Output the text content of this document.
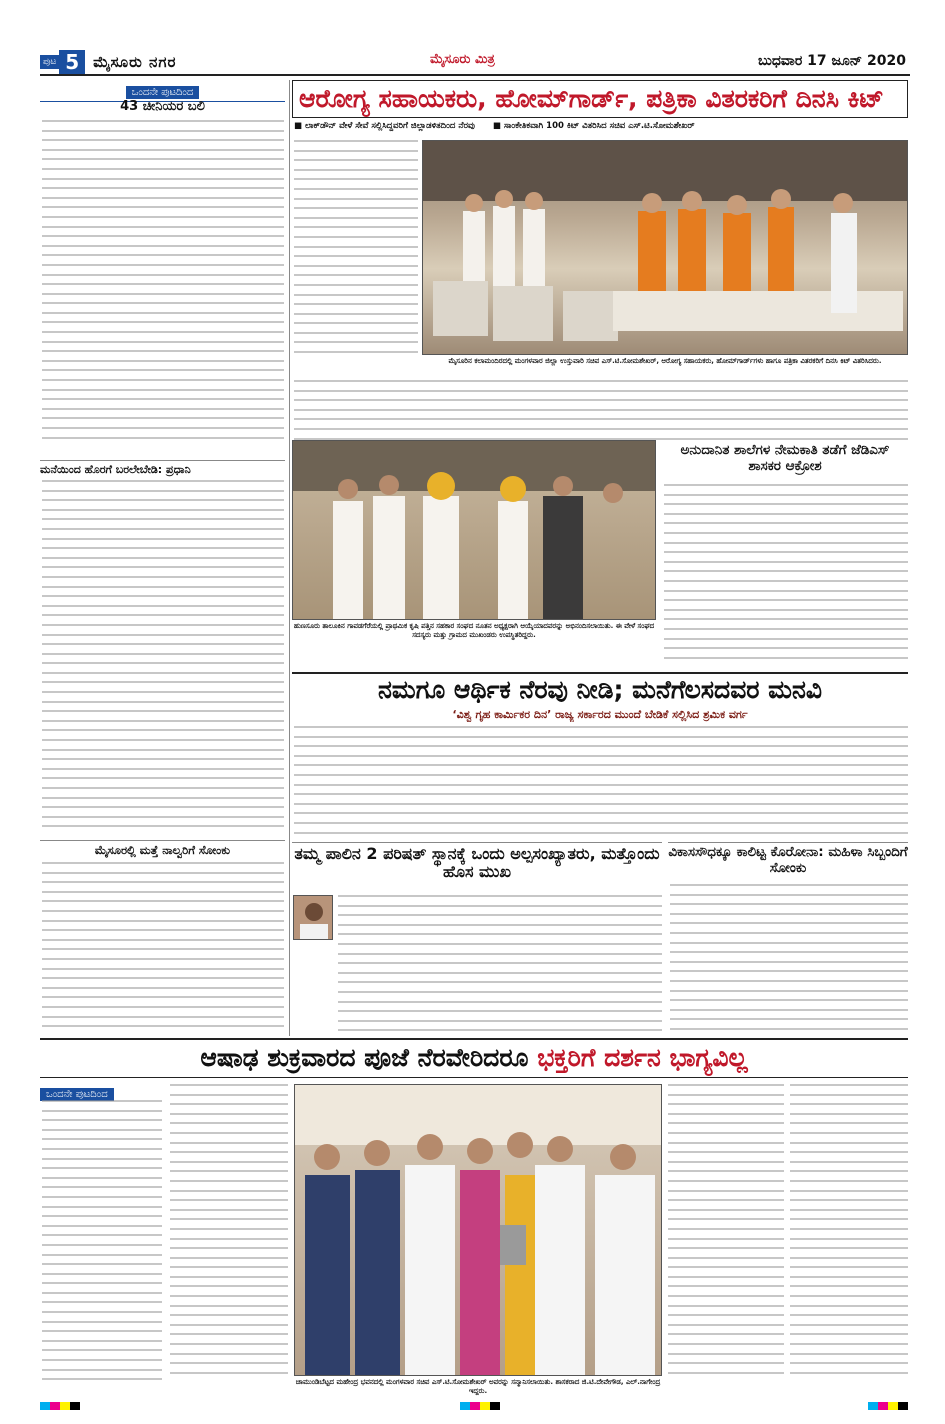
ಪುಟ 5 ಮೈಸೂರು ನಗರ	ಮೈಸೂರು ಮಿತ್ರ	ಬುಧವಾರ 17 ಜೂನ್ 2020
ಒಂದನೇ ಪುಟದಿಂದ
43 ಚೀನಿಯರ ಬಲಿ
ಮನೆಯಿಂದ ಹೊರಗೆ ಬರಲೇಬೇಡಿ: ಪ್ರಧಾನಿ
ಮೈಸೂರಲ್ಲಿ ಮತ್ತೆ ನಾಲ್ವರಿಗೆ ಸೋಂಕು
ಆರೋಗ್ಯ ಸಹಾಯಕರು, ಹೋಮ್‌ಗಾರ್ಡ್, ಪತ್ರಿಕಾ ವಿತರಕರಿಗೆ ದಿನಸಿ ಕಿಟ್
■ ಲಾಕ್‌ಡೌನ್ ವೇಳೆ ಸೇವೆ ಸಲ್ಲಿಸಿದ್ದವರಿಗೆ ಜಿಲ್ಲಾಡಳಿತದಿಂದ ನೆರವು ■ ಸಾಂಕೇತಿಕವಾಗಿ 100 ಕಿಟ್ ವಿತರಿಸಿದ ಸಚಿವ ಎಸ್.ಟಿ.ಸೋಮಶೇಖರ್
ಮೈಸೂರಿನ ಕಲಾಮಂದಿರದಲ್ಲಿ ಮಂಗಳವಾರ ಜಿಲ್ಲಾ ಉಸ್ತುವಾರಿ ಸಚಿವ ಎಸ್.ಟಿ.ಸೋಮಶೇಖರ್, ಆರೋಗ್ಯ ಸಹಾಯಕರು, ಹೋಮ್‌ಗಾರ್ಡ್‌ಗಳು ಹಾಗೂ ಪತ್ರಿಕಾ ವಿತರಕರಿಗೆ ದಿನಸಿ ಕಿಟ್ ವಿತರಿಸಿದರು.
ಹುಣಸೂರು ತಾಲೂಕಿನ ಗಾವಡಗೆರೆಯಲ್ಲಿ ಪ್ರಾಥಮಿಕ ಕೃಷಿ ಪತ್ತಿನ ಸಹಕಾರ ಸಂಘದ ನೂತನ ಅಧ್ಯಕ್ಷರಾಗಿ ಆಯ್ಕೆಯಾದವರನ್ನು ಅಭಿನಂದಿಸಲಾಯಿತು. ಈ ವೇಳೆ ಸಂಘದ ಸದಸ್ಯರು ಮತ್ತು ಗ್ರಾಮದ ಮುಖಂಡರು ಉಪಸ್ಥಿತರಿದ್ದರು.
ಅನುದಾನಿತ ಶಾಲೆಗಳ ನೇಮಕಾತಿ ತಡೆಗೆ ಜೆಡಿಎಸ್ ಶಾಸಕರ ಆಕ್ರೋಶ
ನಮಗೂ ಆರ್ಥಿಕ ನೆರವು ನೀಡಿ; ಮನೆಗೆಲಸದವರ ಮನವಿ
‘ವಿಶ್ವ ಗೃಹ ಕಾರ್ಮಿಕರ ದಿನ’ ರಾಜ್ಯ ಸರ್ಕಾರದ ಮುಂದೆ ಬೇಡಿಕೆ ಸಲ್ಲಿಸಿದ ಶ್ರಮಿಕ ವರ್ಗ
ತಮ್ಮ ಪಾಲಿನ 2 ಪರಿಷತ್ ಸ್ಥಾನಕ್ಕೆ ಒಂದು ಅಲ್ಪಸಂಖ್ಯಾತರು, ಮತ್ತೊಂದು ಹೊಸ ಮುಖ
ವಿಕಾಸಸೌಧಕ್ಕೂ ಕಾಲಿಟ್ಟ ಕೊರೋನಾ: ಮಹಿಳಾ ಸಿಬ್ಬಂದಿಗೆ ಸೋಂಕು
ಆಷಾಢ ಶುಕ್ರವಾರದ ಪೂಜೆ ನೆರವೇರಿದರೂ ಭಕ್ತರಿಗೆ ದರ್ಶನ ಭಾಗ್ಯವಿಲ್ಲ
ಒಂದನೇ ಪುಟದಿಂದ
ಚಾಮುಂಡಿಬೆಟ್ಟದ ಮಹೇಂದ್ರ ಭವನದಲ್ಲಿ ಮಂಗಳವಾರ ಸಚಿವ ಎಸ್.ಟಿ.ಸೋಮಶೇಖರ್ ಅವರನ್ನು ಸನ್ಮಾನಿಸಲಾಯಿತು. ಶಾಸಕರಾದ ಜಿ.ಟಿ.ದೇವೇಗೌಡ, ಎಲ್.ನಾಗೇಂದ್ರ ಇದ್ದರು.
